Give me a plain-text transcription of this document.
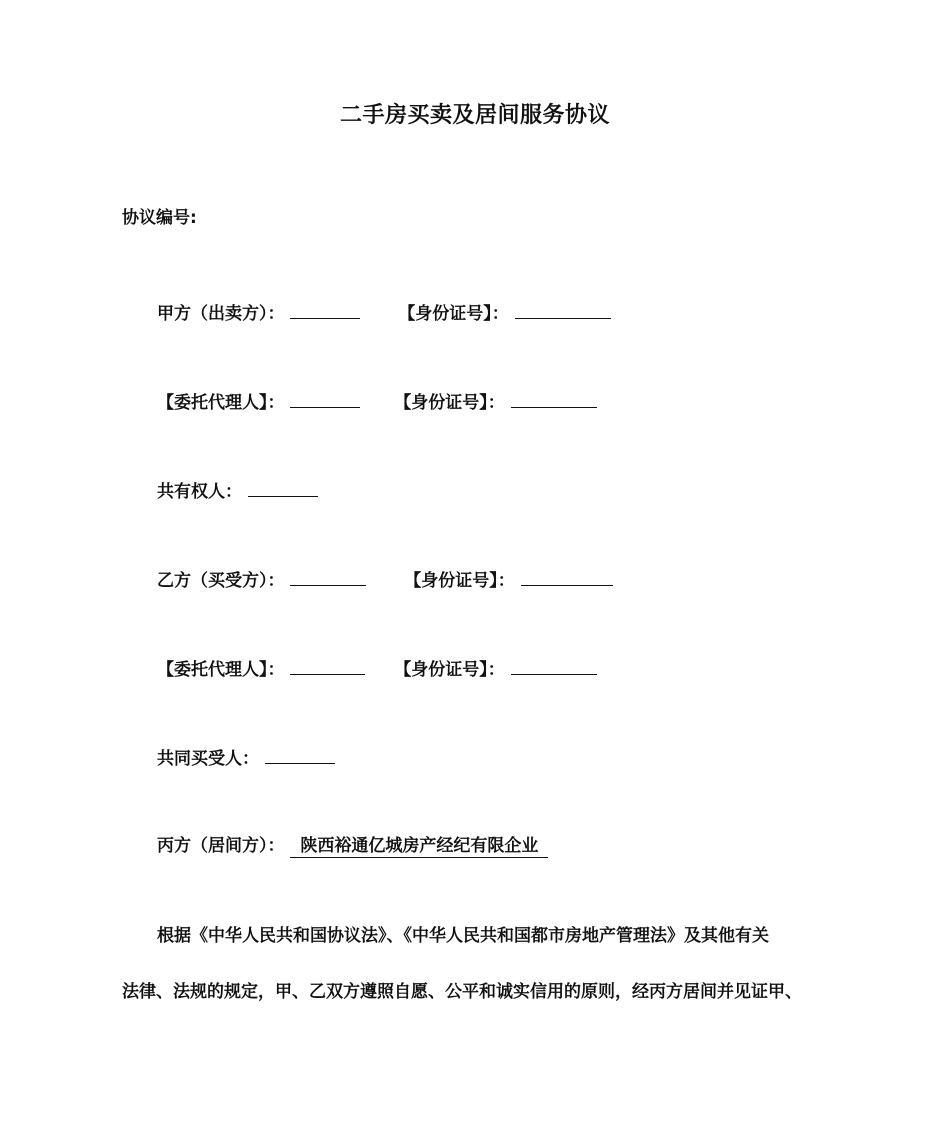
二手房买卖及居间服务协议
协议编号:
甲方（出卖方）：	【身份证号】：
【委托代理人】：	【身份证号】：
共有权人：
乙方（买受方）：	【身份证号】：
【委托代理人】：	【身份证号】：
共同买受人：
丙方（居间方）： 陕西裕通亿城房产经纪有限企业
根据《中华人民共和国协议法》、《中华人民共和国都市房地产管理法》及其他有关
法律、法规的规定，甲、乙双方遵照自愿、公平和诚实信用的原则，经丙方居间并见证甲、
